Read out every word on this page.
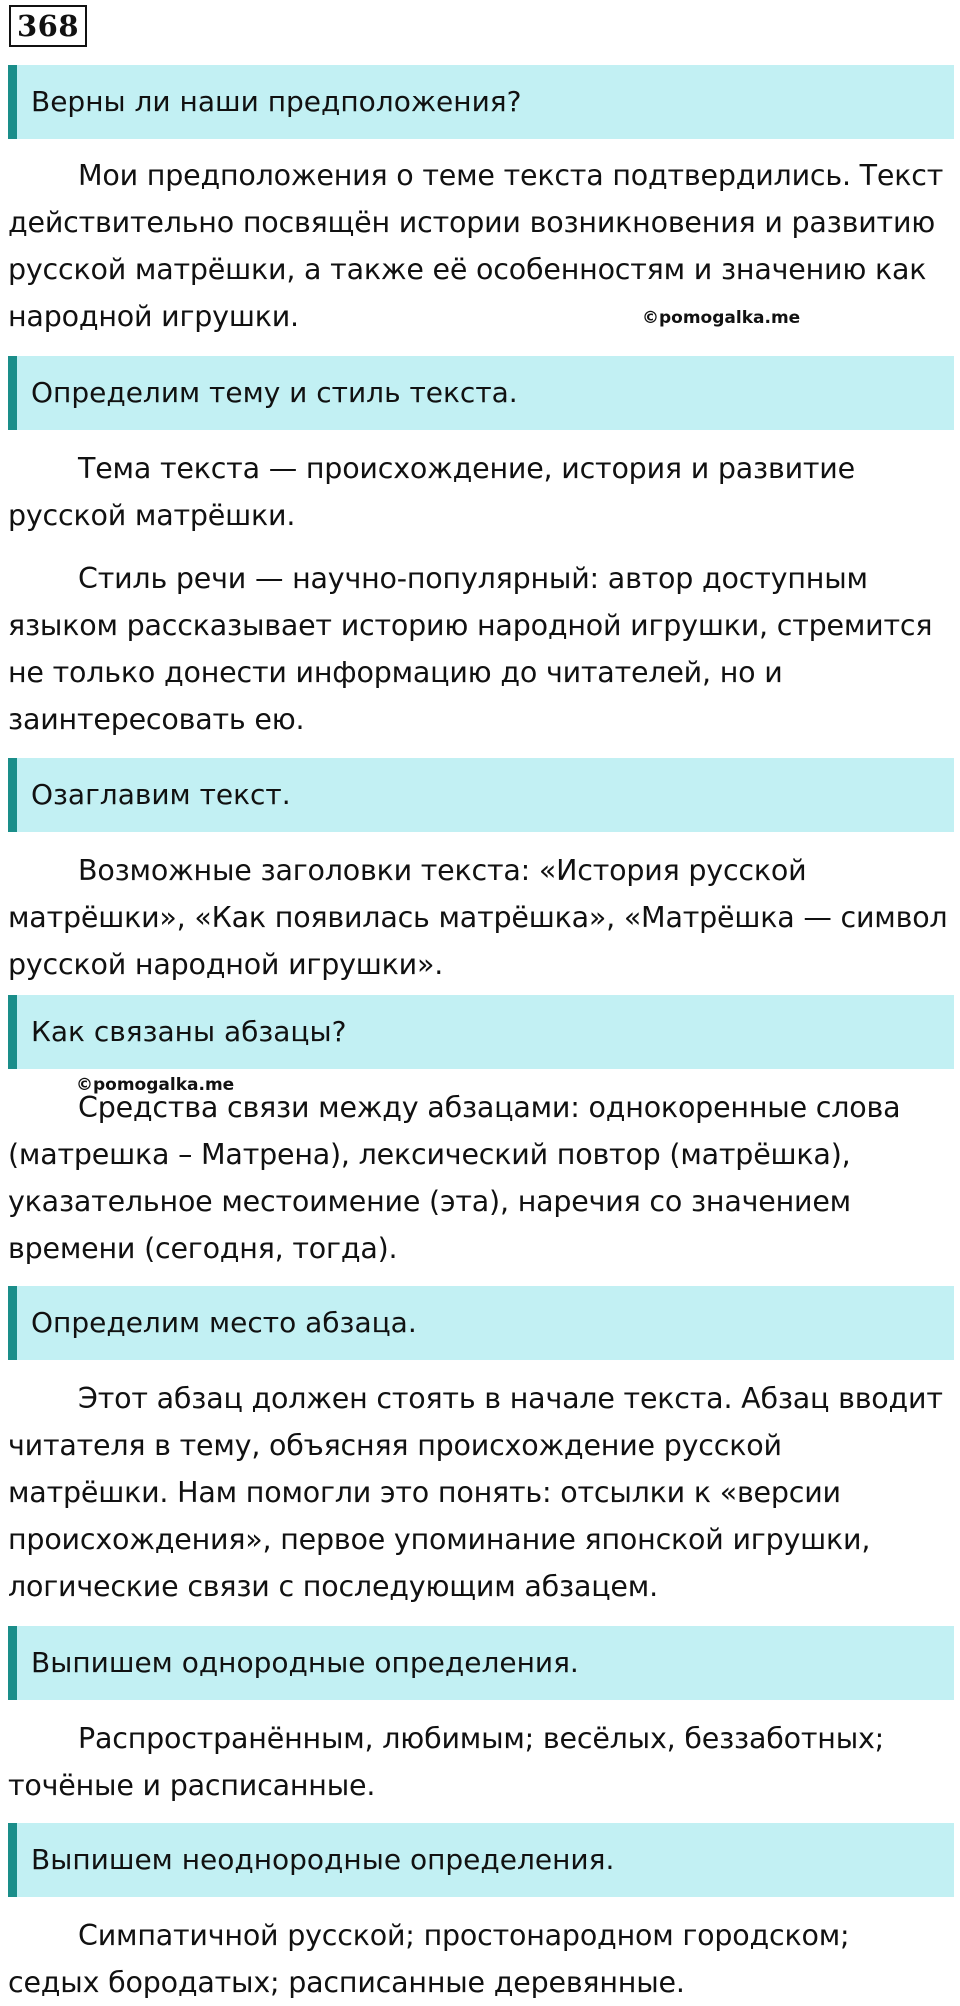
368
Верны ли наши предположения?
Мои предположения о теме текста подтвердились. Текст действительно посвящён истории возникновения и развитию русской матрёшки, а также её особенностям и значению как народной игрушки.	©pomogalka.me
Определим тему и стиль текста.
Тема текста — происхождение, история и развитие русской матрёшки.
Стиль речи — научно-популярный: автор доступным языком рассказывает историю народной игрушки, стремится не только донести информацию до читателей, но и заинтересовать ею.
Озаглавим текст.
Возможные заголовки текста: «История русской матрёшки», «Как появилась матрёшка», «Матрёшка — символ русской народной игрушки».
Как связаны абзацы?
©pomogalka.me
Средства связи между абзацами: однокоренные слова (матрешка – Матрена), лексический повтор (матрёшка), указательное местоимение (эта), наречия со значением времени (сегодня, тогда).
Определим место абзаца.
Этот абзац должен стоять в начале текста. Абзац вводит читателя в тему, объясняя происхождение русской матрёшки. Нам помогли это понять: отсылки к «версии происхождения», первое упоминание японской игрушки, логические связи с последующим абзацем.
Выпишем однородные определения.
Распространённым, любимым; весёлых, беззаботных; точёные и расписанные.
Выпишем неоднородные определения.
Симпатичной русской; простонародном городском; седых бородатых; расписанные деревянные.
